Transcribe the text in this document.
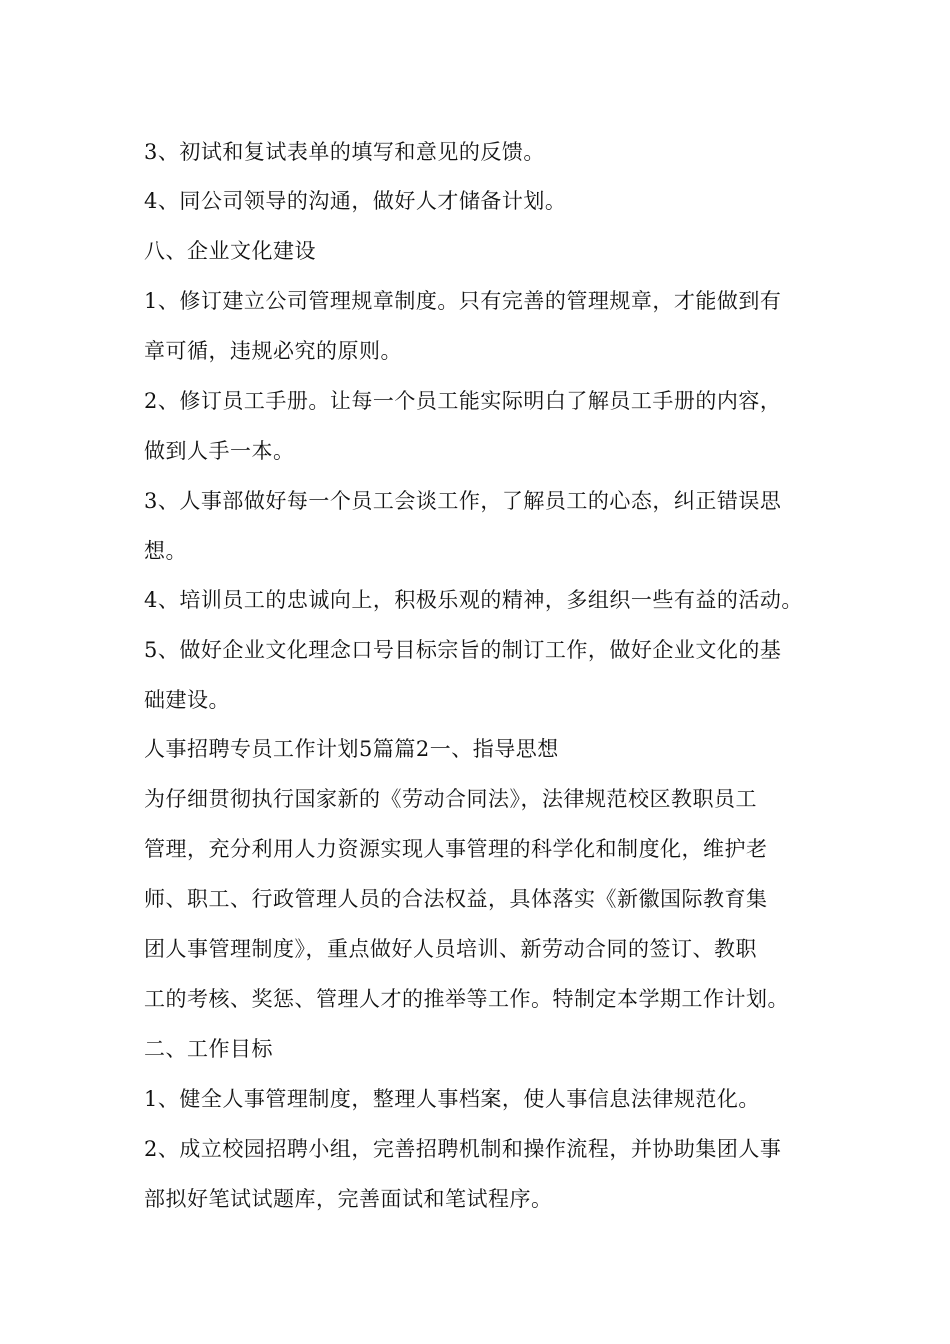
3、初试和复试表单的填写和意见的反馈。
4、同公司领导的沟通，做好人才储备计划。
八、企业文化建设
1、修订建立公司管理规章制度。只有完善的管理规章，才能做到有
章可循，违规必究的原则。
2、修订员工手册。让每一个员工能实际明白了解员工手册的内容，
做到人手一本。
3、人事部做好每一个员工会谈工作，了解员工的心态，纠正错误思
想。
4、培训员工的忠诚向上，积极乐观的精神，多组织一些有益的活动。
5、做好企业文化理念口号目标宗旨的制订工作，做好企业文化的基
础建设。
人事招聘专员工作计划5篇篇2一、指导思想
为仔细贯彻执行国家新的《劳动合同法》，法律规范校区教职员工
管理，充分利用人力资源实现人事管理的科学化和制度化，维护老
师、职工、行政管理人员的合法权益，具体落实《新徽国际教育集
团人事管理制度》，重点做好人员培训、新劳动合同的签订、教职
工的考核、奖惩、管理人才的推举等工作。特制定本学期工作计划。
二、工作目标
1、健全人事管理制度，整理人事档案，使人事信息法律规范化。
2、成立校园招聘小组，完善招聘机制和操作流程，并协助集团人事
部拟好笔试试题库，完善面试和笔试程序。
